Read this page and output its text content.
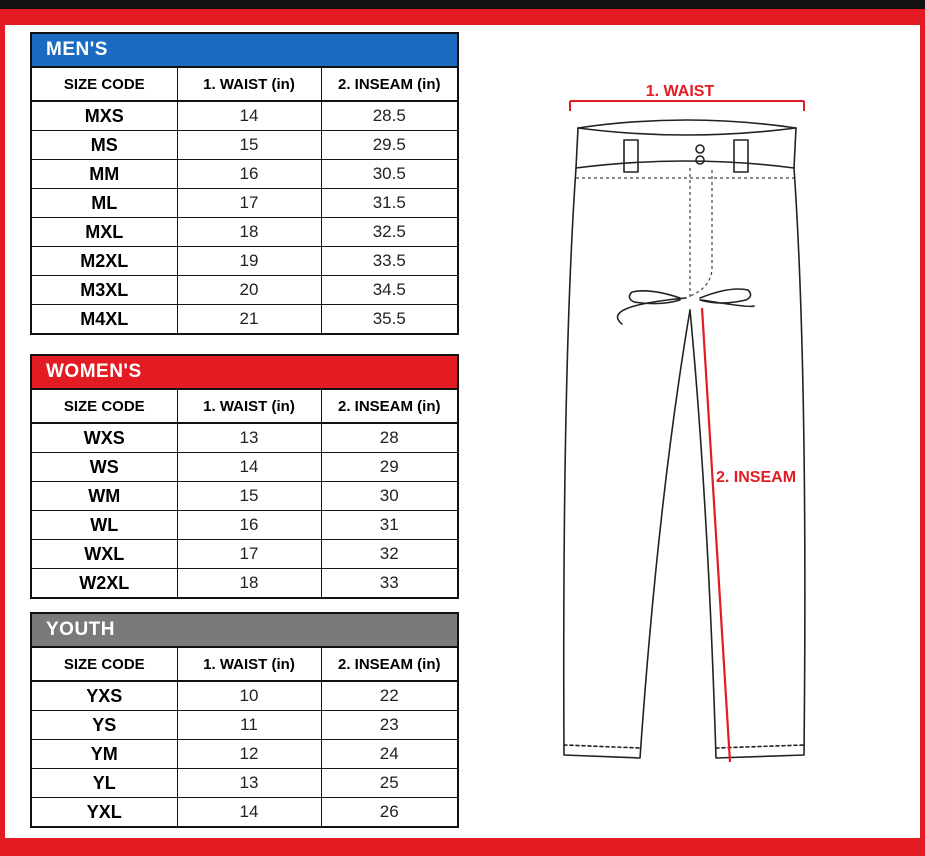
MEN'S
SIZE CODE	1. WAIST (in)	2. INSEAM (in)
MXS	14	28.5
MS	15	29.5
MM	16	30.5
ML	17	31.5
MXL	18	32.5
M2XL	19	33.5
M3XL	20	34.5
M4XL	21	35.5
WOMEN'S
SIZE CODE	1. WAIST (in)	2. INSEAM (in)
WXS	13	28
WS	14	29
WM	15	30
WL	16	31
WXL	17	32
W2XL	18	33
YOUTH
SIZE CODE	1. WAIST (in)	2. INSEAM (in)
YXS	10	22
YS	11	23
YM	12	24
YL	13	25
YXL	14	26
1. WAIST
2. INSEAM
